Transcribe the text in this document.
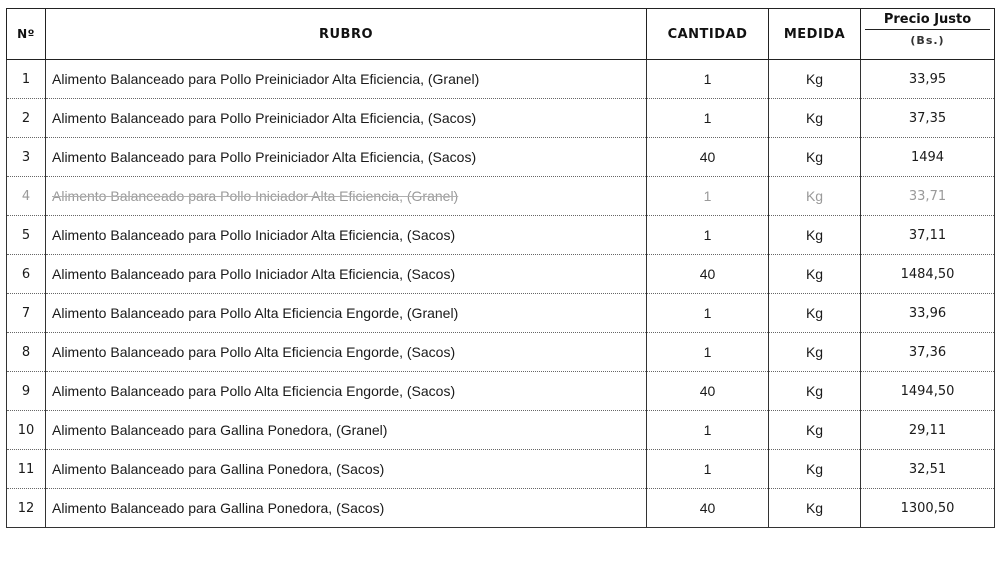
Nº	RUBRO	CANTIDAD	MEDIDA	Precio Justo
(Bs.)

1	Alimento Balanceado para Pollo Preiniciador Alta Eficiencia, (Granel)	1	Kg	33,95
2	Alimento Balanceado para Pollo Preiniciador Alta Eficiencia, (Sacos)	1	Kg	37,35
3	Alimento Balanceado para Pollo Preiniciador Alta Eficiencia, (Sacos)	40	Kg	1494
4	Alimento Balanceado para Pollo Iniciador Alta Eficiencia, (Granel)	1	Kg	33,71
5	Alimento Balanceado para Pollo Iniciador Alta Eficiencia, (Sacos)	1	Kg	37,11
6	Alimento Balanceado para Pollo Iniciador Alta Eficiencia, (Sacos)	40	Kg	1484,50
7	Alimento Balanceado para Pollo Alta Eficiencia Engorde, (Granel)	1	Kg	33,96
8	Alimento Balanceado para Pollo Alta Eficiencia Engorde, (Sacos)	1	Kg	37,36
9	Alimento Balanceado para Pollo Alta Eficiencia Engorde, (Sacos)	40	Kg	1494,50
10	Alimento Balanceado para Gallina Ponedora, (Granel)	1	Kg	29,11
11	Alimento Balanceado para Gallina Ponedora, (Sacos)	1	Kg	32,51
12	Alimento Balanceado para Gallina Ponedora, (Sacos)	40	Kg	1300,50
